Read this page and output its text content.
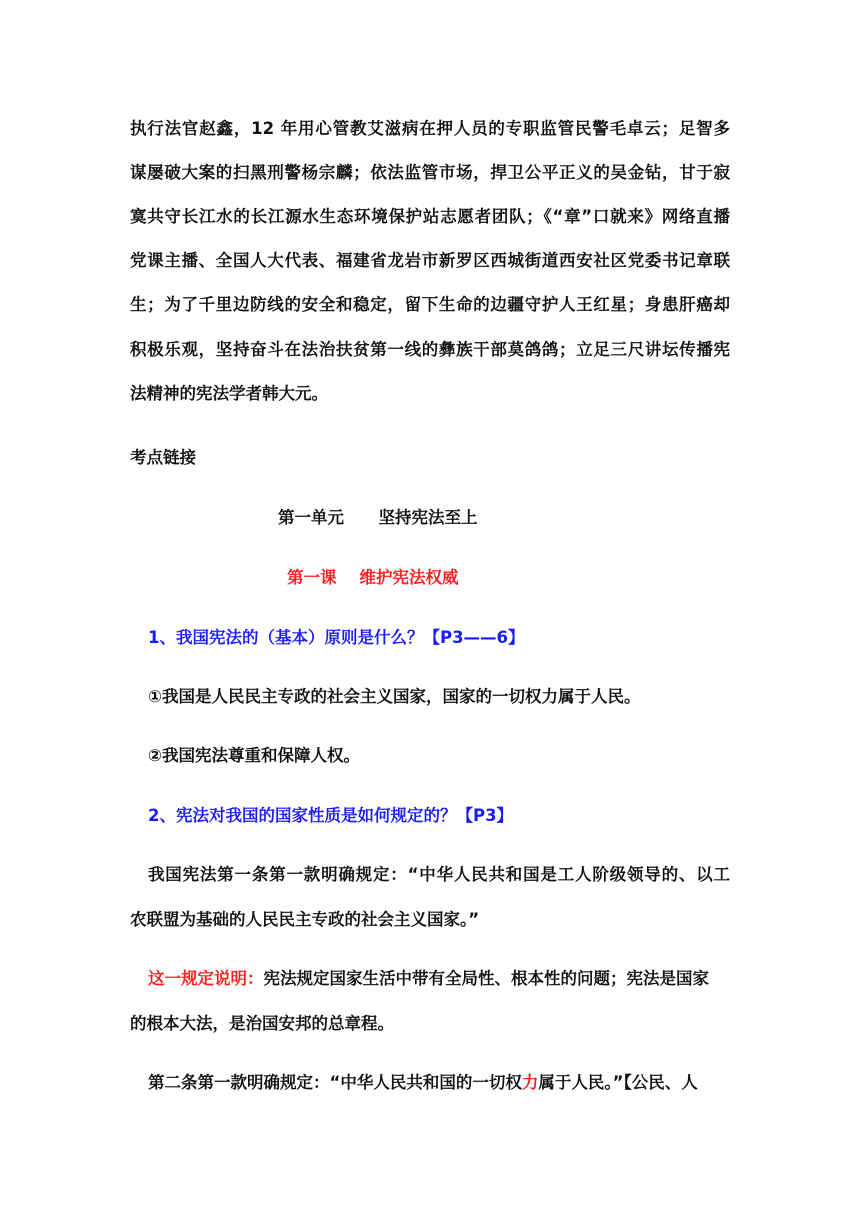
执行法官赵鑫，12 年用心管教艾滋病在押人员的专职监管民警毛卓云；足智多
谋屡破大案的扫黑刑警杨宗麟；依法监管市场，捍卫公平正义的吴金钻，甘于寂
寞共守长江水的长江源水生态环境保护站志愿者团队；《“章”口就来》网络直播
党课主播、全国人大代表、福建省龙岩市新罗区西城街道西安社区党委书记章联
生；为了千里边防线的安全和稳定，留下生命的边疆守护人王红星；身患肝癌却
积极乐观，坚持奋斗在法治扶贫第一线的彝族干部莫鸽鸽；立足三尺讲坛传播宪
法精神的宪法学者韩大元。
考点链接
第一单元      坚持宪法至上
第一课    维护宪法权威
1、我国宪法的（基本）原则是什么？【P3——6】
①我国是人民民主专政的社会主义国家，国家的一切权力属于人民。
②我国宪法尊重和保障人权。
2、宪法对我国的国家性质是如何规定的？【P3】
我国宪法第一条第一款明确规定：“中华人民共和国是工人阶级领导的、以工
农联盟为基础的人民民主专政的社会主义国家。”
这一规定说明：宪法规定国家生活中带有全局性、根本性的问题；宪法是国家
的根本大法，是治国安邦的总章程。
第二条第一款明确规定：“中华人民共和国的一切权力属于人民。”【公民、人
